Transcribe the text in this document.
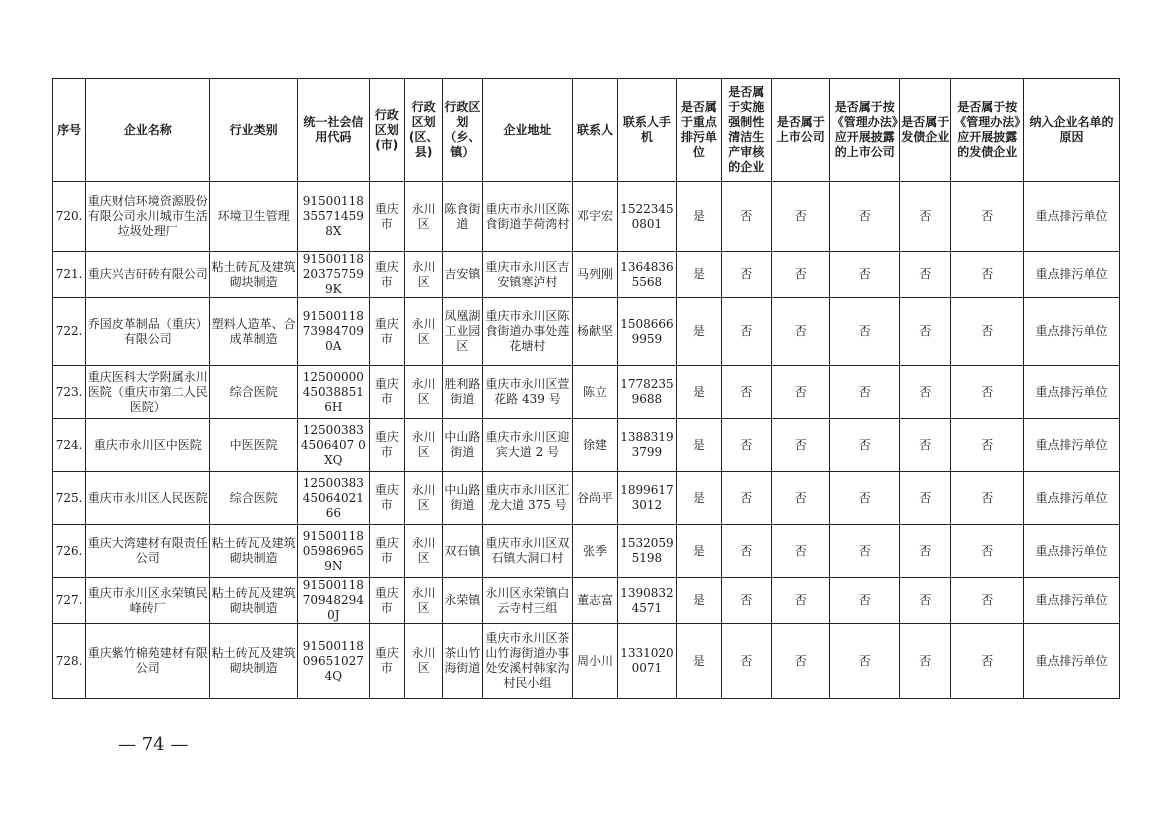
序号	企业名称	行业类别	统一社会信用代码	行政区划(市)	行政区划(区、县)	行政区划（乡、镇）	企业地址	联系人	联系人手机	是否属于重点排污单位	是否属于实施强制性清洁生产审核的企业	是否属于上市公司	是否属于按《管理办法》应开展披露的上市公司	是否属于发债企业	是否属于按《管理办法》应开展披露的发债企业	纳入企业名单的原因
720.	重庆财信环境资源股份有限公司永川城市生活垃圾处理厂	环境卫生管理	91500118355714598X	重庆市	永川区	陈食街道	重庆市永川区陈食街道芋荷湾村	邓宇宏	15223450801	是	否	否	否	否	否	重点排污单位
721.	重庆兴吉矸砖有限公司	粘土砖瓦及建筑砌块制造	91500118203757599K	重庆市	永川区	吉安镇	重庆市永川区吉安镇寒泸村	马列刚	13648365568	是	否	否	否	否	否	重点排污单位
722.	乔国皮革制品（重庆）有限公司	塑料人造革、合成革制造	91500118739847090A	重庆市	永川区	凤凰湖工业园区	重庆市永川区陈食街道办事处莲花塘村	杨献坚	15086669959	是	否	否	否	否	否	重点排污单位
723.	重庆医科大学附属永川医院（重庆市第二人民医院）	综合医院	12500000450388516H	重庆市	永川区	胜利路街道	重庆市永川区萱花路 439 号	陈立	17782359688	是	否	否	否	否	否	重点排污单位
724.	重庆市永川区中医院	中医医院	125003834506407 0XQ	重庆市	永川区	中山路街道	重庆市永川区迎宾大道 2 号	徐建	13883193799	是	否	否	否	否	否	重点排污单位
725.	重庆市永川区人民医院	综合医院	125003834506402166	重庆市	永川区	中山路街道	重庆市永川区汇龙大道 375 号	谷尚平	18996173012	是	否	否	否	否	否	重点排污单位
726.	重庆大湾建材有限责任公司	粘土砖瓦及建筑砌块制造	91500118059869659N	重庆市	永川区	双石镇	重庆市永川区双石镇大洞口村	张季	15320595198	是	否	否	否	否	否	重点排污单位
727.	重庆市永川区永荣镇民峰砖厂	粘土砖瓦及建筑砌块制造	91500118709482940J	重庆市	永川区	永荣镇	永川区永荣镇白云寺村三组	董志富	13908324571	是	否	否	否	否	否	重点排污单位
728.	重庆紫竹棉苑建材有限公司	粘土砖瓦及建筑砌块制造	91500118096510274Q	重庆市	永川区	茶山竹海街道	重庆市永川区茶山竹海街道办事处安溪村韩家沟村民小组	周小川	13310200071	是	否	否	否	否	否	重点排污单位
— 74 —
